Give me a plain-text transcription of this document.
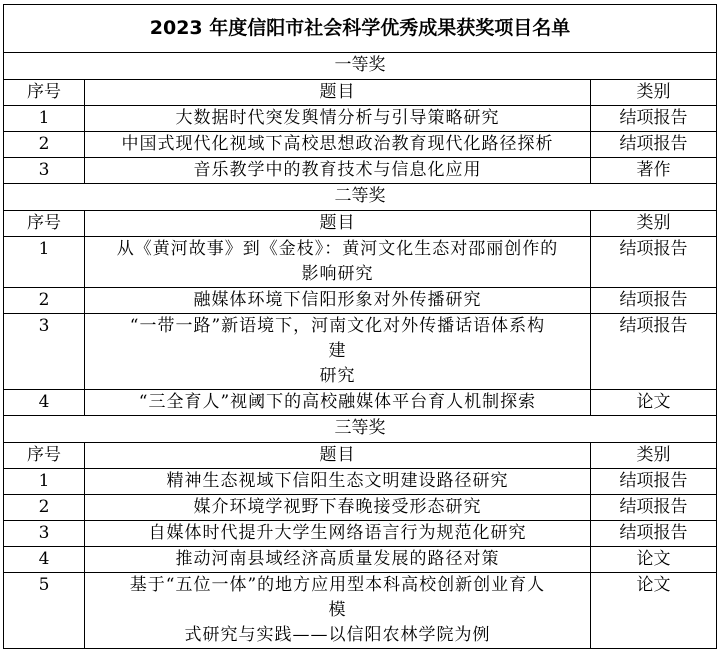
2023 年度信阳市社会科学优秀成果获奖项目名单		
一等奖		
序号	题目	类别
1	大数据时代突发舆情分析与引导策略研究	结项报告
2	中国式现代化视域下高校思想政治教育现代化路径探析	结项报告
3	音乐教学中的教育技术与信息化应用	著作
二等奖		
序号	题目	类别
1	从《黄河故事》到《金枝》：黄河文化生态对邵丽创作的
影响研究	结项报告
2	融媒体环境下信阳形象对外传播研究	结项报告
3	“一带一路”新语境下，河南文化对外传播话语体系构
建
研究	结项报告
4	“三全育人”视阈下的高校融媒体平台育人机制探索	论文
三等奖		
序号	题目	类别
1	精神生态视域下信阳生态文明建设路径研究	结项报告
2	媒介环境学视野下春晚接受形态研究	结项报告
3	自媒体时代提升大学生网络语言行为规范化研究	结项报告
4	推动河南县域经济高质量发展的路径对策	论文
5	基于“五位一体”的地方应用型本科高校创新创业育人
模
式研究与实践——以信阳农林学院为例	论文
